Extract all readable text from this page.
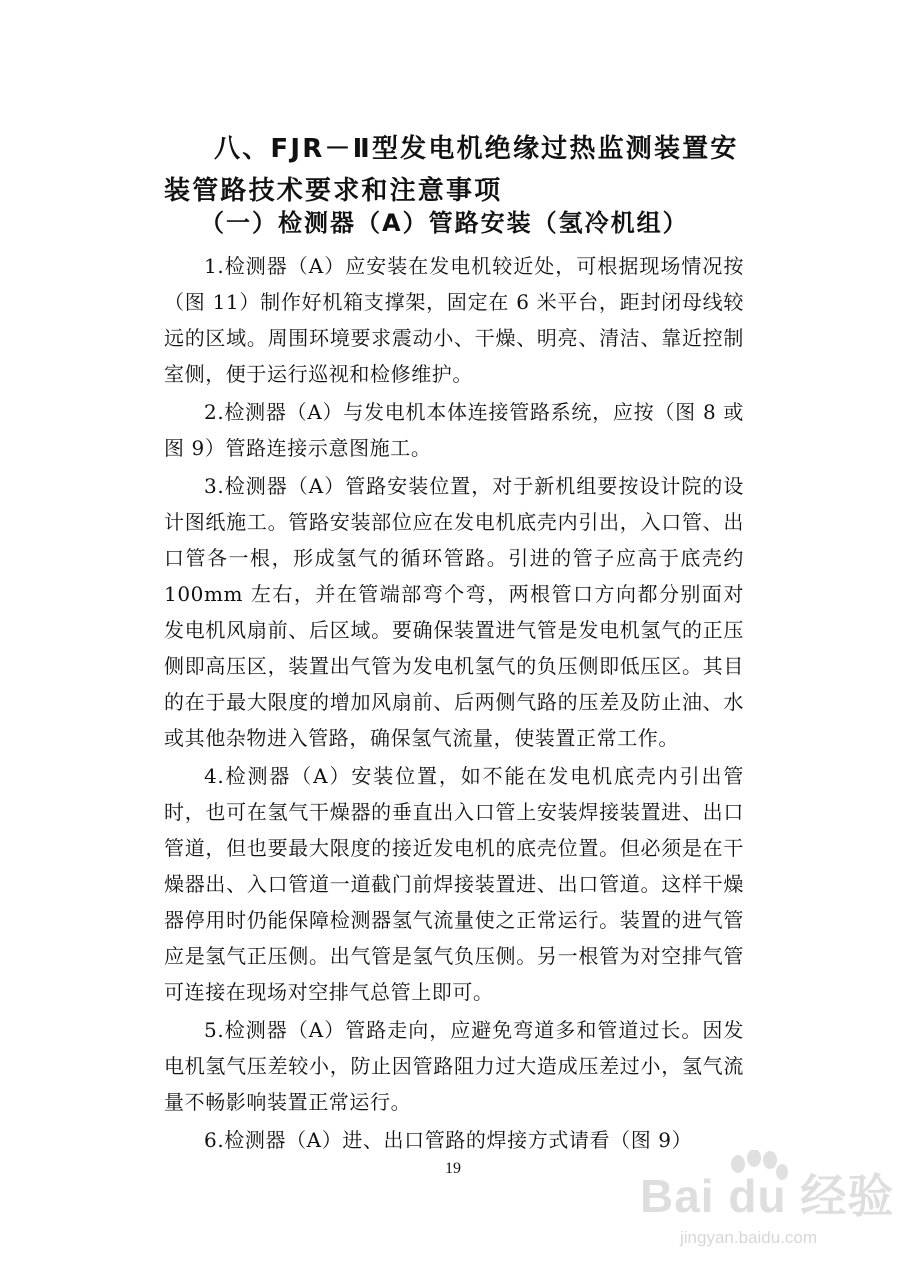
八、FJR－Ⅱ型发电机绝缘过热监测装置安装管路技术要求和注意事项
（一）检测器（A）管路安装（氢冷机组）

1.检测器（A）应安装在发电机较近处，可根据现场情况按（图 11）制作好机箱支撑架，固定在 6 米平台，距封闭母线较远的区域。周围环境要求震动小、干燥、明亮、清洁、靠近控制室侧，便于运行巡视和检修维护。

2.检测器（A）与发电机本体连接管路系统，应按（图 8 或图 9）管路连接示意图施工。

3.检测器（A）管路安装位置，对于新机组要按设计院的设计图纸施工。管路安装部位应在发电机底壳内引出，入口管、出口管各一根，形成氢气的循环管路。引进的管子应高于底壳约 100mm 左右，并在管端部弯个弯，两根管口方向都分别面对发电机风扇前、后区域。要确保装置进气管是发电机氢气的正压侧即高压区，装置出气管为发电机氢气的负压侧即低压区。其目的在于最大限度的增加风扇前、后两侧气路的压差及防止油、水或其他杂物进入管路，确保氢气流量，使装置正常工作。

4.检测器（A）安装位置，如不能在发电机底壳内引出管时，也可在氢气干燥器的垂直出入口管上安装焊接装置进、出口管道，但也要最大限度的接近发电机的底壳位置。但必须是在干燥器出、入口管道一道截门前焊接装置进、出口管道。这样干燥器停用时仍能保障检测器氢气流量使之正常运行。装置的进气管应是氢气正压侧。出气管是氢气负压侧。另一根管为对空排气管可连接在现场对空排气总管上即可。

5.检测器（A）管路走向，应避免弯道多和管道过长。因发电机氢气压差较小，防止因管路阻力过大造成压差过小，氢气流量不畅影响装置正常运行。

6.检测器（A）进、出口管路的焊接方式请看（图 9）

19
Bai du 经验
jingyan.baidu.com
